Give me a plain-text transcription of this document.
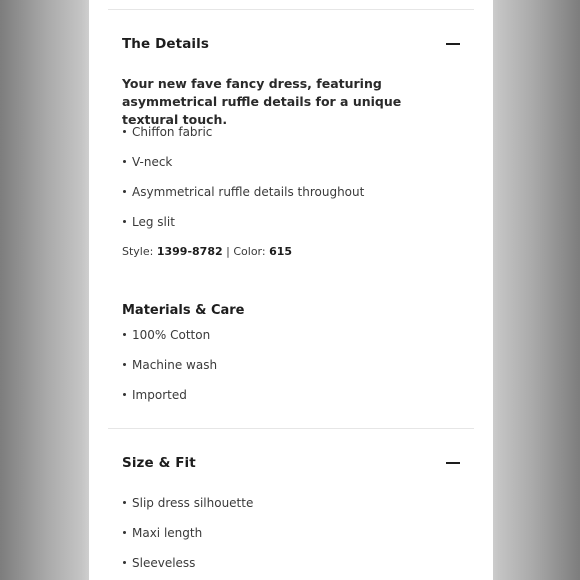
The Details
Your new fave fancy dress, featuring asymmetrical ruffle details for a unique textural touch.
Chiffon fabric
V-neck
Asymmetrical ruffle details throughout
Leg slit
Style: 1399-8782 | Color: 615
Materials & Care
100% Cotton
Machine wash
Imported
Size & Fit
Slip dress silhouette
Maxi length
Sleeveless
